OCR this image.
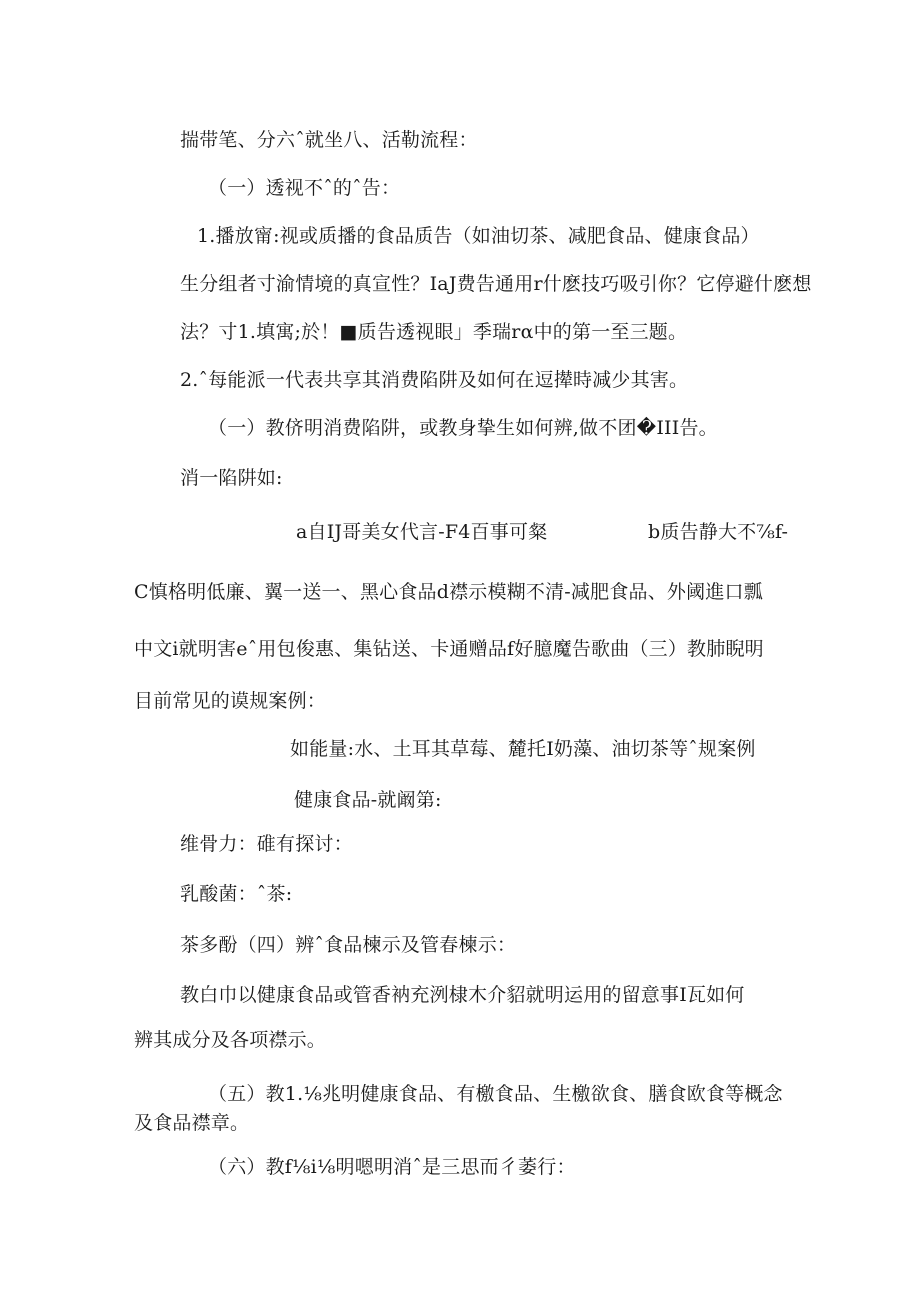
揣带笔、分六ˆ就坐八、活勒流程：
（一）透视不ˆ的ˆ告：
1.播放甯:视或质播的食品质告（如油切茶、减肥食品、健康食品）
生分组者寸渝情境的真宣性？IaJ费告通用r什麽技巧吸引你？它停避什麽想
法？寸1.填寓;於！■质告透视眼」季瑞rα中的第一至三题。
2.ˆ每能派一代表共享其消费陷阱及如何在逗撵時减少其害。
（一）教侪明消费陷阱，或教身挚生如何辨,做不团�III告。
消一陷阱如:
a自IJ哥美女代言-F4百事可粲	b质告静大不⅞f-
C慎格明低廉、翼一送一、黑心食品d襟示模糊不清-减肥食品、外阈進口瓢
中文i就明害eˆ用包俊惠、集钻送、卡通赠品f好臆魔告歌曲（三）教肺睨明
目前常见的谟规案例：
如能量:水、土耳其草莓、麓托I奶藻、油切茶等ˆ规案例
健康食品-就阚第:
维骨力：碓有探讨：
乳酸菌：ˆ茶:
茶多酚（四）辨ˆ食品楝示及管春楝示：
教白巾以健康食品或管香衲充洌棣木介貂就明运用的留意事I瓦如何
辨其成分及各项襟示。
（五）教1.⅛兆明健康食品、有檄食品、生檄欲食、膳食欧食等概念
及食品襟章。
（六）教f⅛i⅛明嗯明消ˆ是三思而彳萎行：
